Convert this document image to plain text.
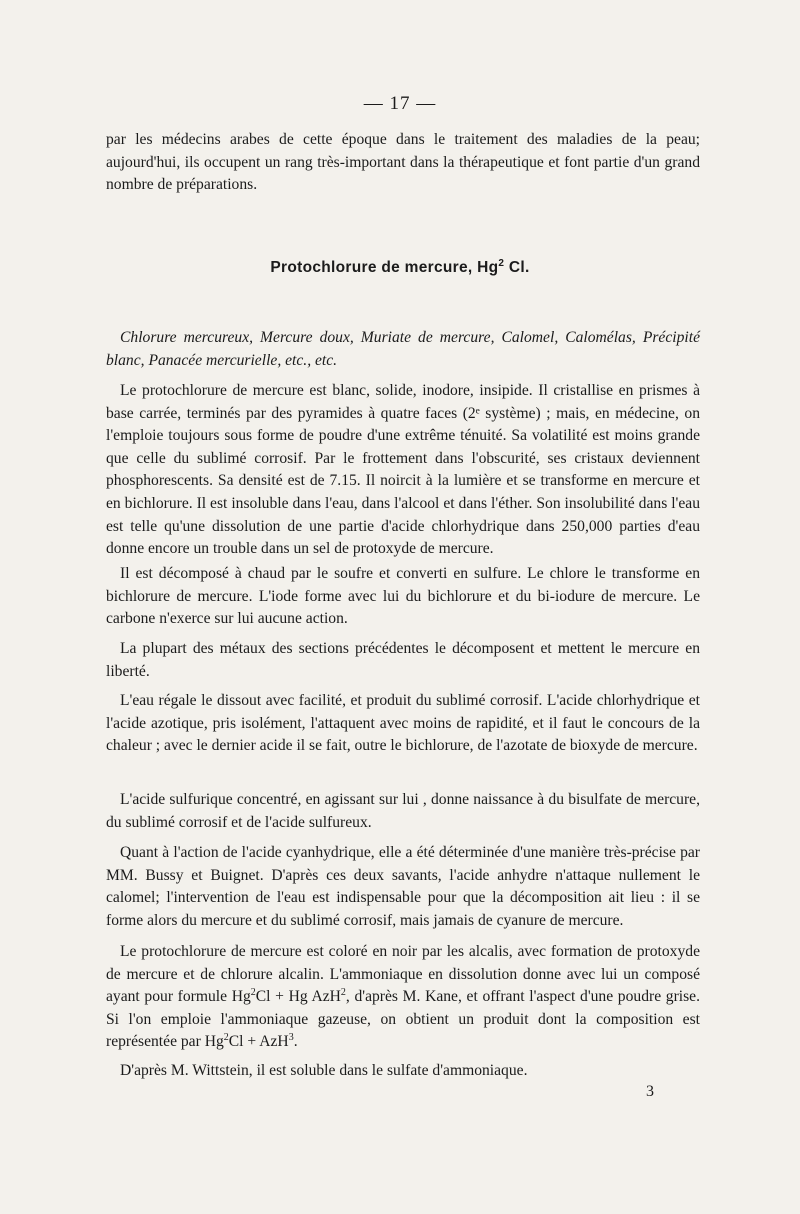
— 17 —

par les médecins arabes de cette époque dans le traitement des maladies de la peau; aujourd'hui, ils occupent un rang très-important dans la thérapeutique et font partie d'un grand nombre de préparations.

Protochlorure de mercure, Hg$^2$ Cl.

Chlorure mercureux, Mercure doux, Muriate de mercure, Calomel, Calomélas, Précipité blanc, Panacée mercurielle, etc., etc.

Le protochlorure de mercure est blanc, solide, inodore, insipide. Il cristallise en prismes à base carrée, terminés par des pyramides à quatre faces (2ᵉ système) ; mais, en médecine, on l'emploie toujours sous forme de poudre d'une extrême ténuité. Sa volatilité est moins grande que celle du sublimé corrosif. Par le frottement dans l'obscurité, ses cristaux deviennent phosphorescents. Sa densité est de 7.15. Il noircit à la lumière et se transforme en mercure et en bichlorure. Il est insoluble dans l'eau, dans l'alcool et dans l'éther. Son insolubilité dans l'eau est telle qu'une dissolution de une partie d'acide chlorhydrique dans 250,000 parties d'eau donne encore un trouble dans un sel de protoxyde de mercure.

Il est décomposé à chaud par le soufre et converti en sulfure. Le chlore le transforme en bichlorure de mercure. L'iode forme avec lui du bichlorure et du bi-iodure de mercure. Le carbone n'exerce sur lui aucune action.

La plupart des métaux des sections précédentes le décomposent et mettent le mercure en liberté.

L'eau régale le dissout avec facilité, et produit du sublimé corrosif. L'acide chlorhydrique et l'acide azotique, pris isolément, l'attaquent avec moins de rapidité, et il faut le concours de la chaleur ; avec le dernier acide il se fait, outre le bichlorure, de l'azotate de bioxyde de mercure.

L'acide sulfurique concentré, en agissant sur lui , donne naissance à du bisulfate de mercure, du sublimé corrosif et de l'acide sulfureux.

Quant à l'action de l'acide cyanhydrique, elle a été déterminée d'une manière très-précise par MM. Bussy et Buignet. D'après ces deux savants, l'acide anhydre n'attaque nullement le calomel; l'intervention de l'eau est indispensable pour que la décomposition ait lieu : il se forme alors du mercure et du sublimé corrosif, mais jamais de cyanure de mercure.

Le protochlorure de mercure est coloré en noir par les alcalis, avec formation de protoxyde de mercure et de chlorure alcalin. L'ammoniaque en dissolution donne avec lui un composé ayant pour formule $Hg^2Cl + Hg$ AzH$^2$, d'après M. Kane, et offrant l'aspect d'une poudre grise. Si l'on emploie l'ammoniaque gazeuse, on obtient un produit dont la composition est représentée par $Hg^2Cl + AzH^3$.

D'après M. Wittstein, il est soluble dans le sulfate d'ammoniaque.

3
